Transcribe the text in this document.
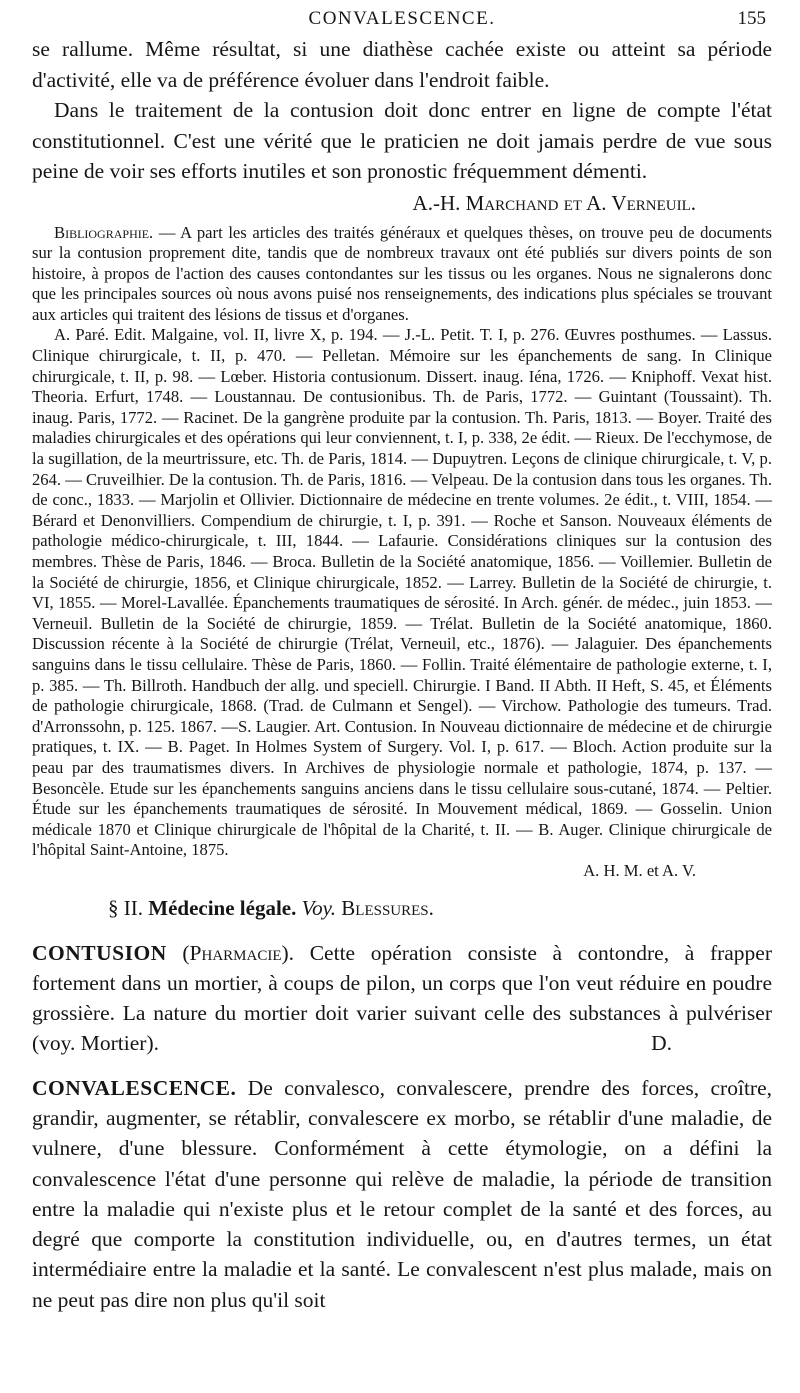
CONVALESCENCE.	155

se rallume. Même résultat, si une diathèse cachée existe ou atteint sa période d'activité, elle va de préférence évoluer dans l'endroit faible.

Dans le traitement de la contusion doit donc entrer en ligne de compte l'état constitutionnel. C'est une vérité que le praticien ne doit jamais perdre de vue sous peine de voir ses efforts inutiles et son pronostic fréquemment démenti.

A.-H. Marchand et A. Verneuil.

Bibliographie. — A part les articles des traités généraux et quelques thèses, on trouve peu de documents sur la contusion proprement dite, tandis que de nombreux travaux ont été publiés sur divers points de son histoire, à propos de l'action des causes contondantes sur les tissus ou les organes. Nous ne signalerons donc que les principales sources où nous avons puisé nos renseignements, des indications plus spéciales se trouvant aux articles qui traitent des lésions de tissus et d'organes.

A. Paré. Edit. Malgaine, vol. II, livre X, p. 194. — J.-L. Petit. T. I, p. 276. Œuvres posthumes. — Lassus. Clinique chirurgicale, t. II, p. 470. — Pelletan. Mémoire sur les épanchements de sang. In Clinique chirurgicale, t. II, p. 98. — Lœber. Historia contusionum. Dissert. inaug. Iéna, 1726. — Kniphoff. Vexat hist. Theoria. Erfurt, 1748. — Loustannau. De contusionibus. Th. de Paris, 1772. — Guintant (Toussaint). Th. inaug. Paris, 1772. — Racinet. De la gangrène produite par la contusion. Th. Paris, 1813. — Boyer. Traité des maladies chirurgicales et des opérations qui leur conviennent, t. I, p. 338, 2e édit. — Rieux. De l'ecchymose, de la sugillation, de la meurtrissure, etc. Th. de Paris, 1814. — Dupuytren. Leçons de clinique chirurgicale, t. V, p. 264. — Cruveilhier. De la contusion. Th. de Paris, 1816. — Velpeau. De la contusion dans tous les organes. Th. de conc., 1833. — Marjolin et Ollivier. Dictionnaire de médecine en trente volumes. 2e édit., t. VIII, 1854. — Bérard et Denonvilliers. Compendium de chirurgie, t. I, p. 391. — Roche et Sanson. Nouveaux éléments de pathologie médico-chirurgicale, t. III, 1844. — Lafaurie. Considérations cliniques sur la contusion des membres. Thèse de Paris, 1846. — Broca. Bulletin de la Société anatomique, 1856. — Voillemier. Bulletin de la Société de chirurgie, 1856, et Clinique chirurgicale, 1852. — Larrey. Bulletin de la Société de chirurgie, t. VI, 1855. — Morel-Lavallée. Épanchements traumatiques de sérosité. In Arch. génér. de médec., juin 1853. — Verneuil. Bulletin de la Société de chirurgie, 1859. — Trélat. Bulletin de la Société anatomique, 1860. Discussion récente à la Société de chirurgie (Trélat, Verneuil, etc., 1876). — Jalaguier. Des épanchements sanguins dans le tissu cellulaire. Thèse de Paris, 1860. — Follin. Traité élémentaire de pathologie externe, t. I, p. 385. — Th. Billroth. Handbuch der allg. und speciell. Chirurgie. I Band. II Abth. II Heft, S. 45, et Éléments de pathologie chirurgicale, 1868. (Trad. de Culmann et Sengel). — Virchow. Pathologie des tumeurs. Trad. d'Arronssohn, p. 125. 1867. —S. Laugier. Art. Contusion. In Nouveau dictionnaire de médecine et de chirurgie pratiques, t. IX. — B. Paget. In Holmes System of Surgery. Vol. I, p. 617. — Bloch. Action produite sur la peau par des traumatismes divers. In Archives de physiologie normale et pathologie, 1874, p. 137. — Besoncèle. Etude sur les épanchements sanguins anciens dans le tissu cellulaire sous-cutané, 1874. — Peltier. Étude sur les épanchements traumatiques de sérosité. In Mouvement médical, 1869. — Gosselin. Union médicale 1870 et Clinique chirurgicale de l'hôpital de la Charité, t. II. — B. Auger. Clinique chirurgicale de l'hôpital Saint-Antoine, 1875.

A. H. M. et A. V.

§ II. Médecine légale. Voy. Blessures.

CONTUSION (Pharmacie). Cette opération consiste à contondre, à frapper fortement dans un mortier, à coups de pilon, un corps que l'on veut réduire en poudre grossière. La nature du mortier doit varier suivant celle des substances à pulvériser (voy. Mortier).	D.

CONVALESCENCE. De convalesco, convalescere, prendre des forces, croître, grandir, augmenter, se rétablir, convalescere ex morbo, se rétablir d'une maladie, de vulnere, d'une blessure. Conformément à cette étymologie, on a défini la convalescence l'état d'une personne qui relève de maladie, la période de transition entre la maladie qui n'existe plus et le retour complet de la santé et des forces, au degré que comporte la constitution individuelle, ou, en d'autres termes, un état intermédiaire entre la maladie et la santé. Le convalescent n'est plus malade, mais on ne peut pas dire non plus qu'il soit
